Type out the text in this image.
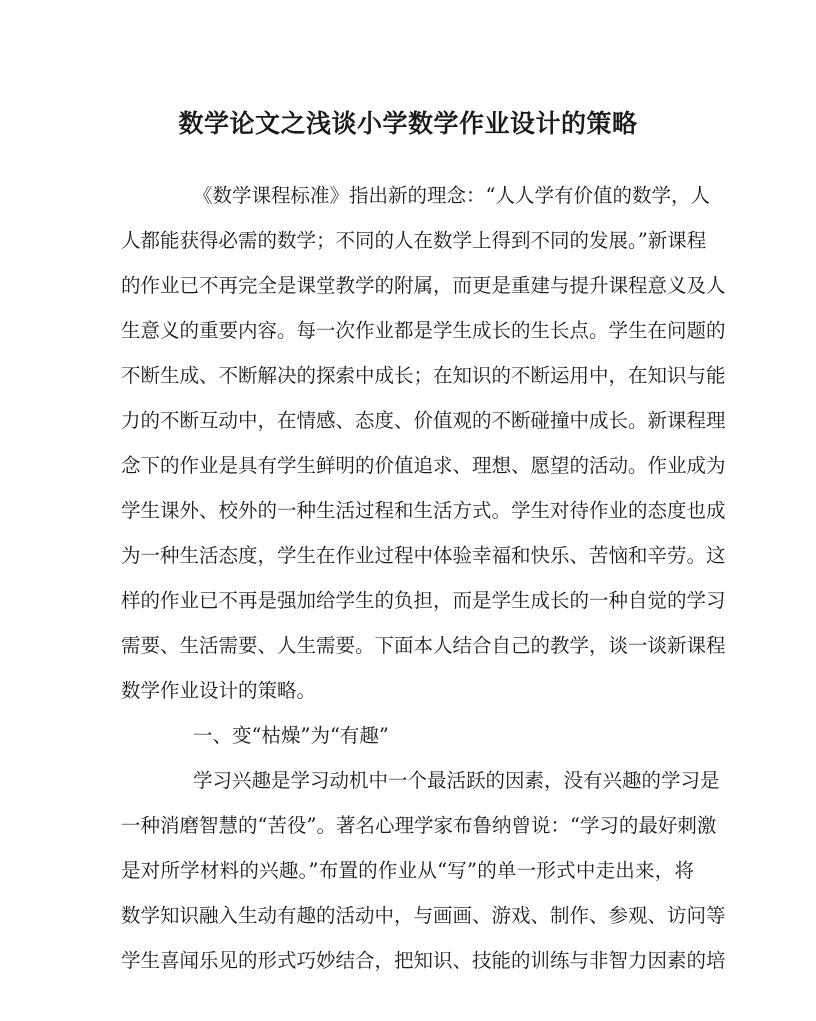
数学论文之浅谈小学数学作业设计的策略
《数学课程标准》指出新的理念：“人人学有价值的数学，人
人都能获得必需的数学；不同的人在数学上得到不同的发展。”新课程
的作业已不再完全是课堂教学的附属，而更是重建与提升课程意义及人
生意义的重要内容。每一次作业都是学生成长的生长点。学生在问题的
不断生成、不断解决的探索中成长；在知识的不断运用中，在知识与能
力的不断互动中，在情感、态度、价值观的不断碰撞中成长。新课程理
念下的作业是具有学生鲜明的价值追求、理想、愿望的活动。作业成为
学生课外、校外的一种生活过程和生活方式。学生对待作业的态度也成
为一种生活态度，学生在作业过程中体验幸福和快乐、苦恼和辛劳。这
样的作业已不再是强加给学生的负担，而是学生成长的一种自觉的学习
需要、生活需要、人生需要。下面本人结合自己的教学，谈一谈新课程
数学作业设计的策略。
一、变“枯燥”为“有趣”
学习兴趣是学习动机中一个最活跃的因素，没有兴趣的学习是
一种消磨智慧的“苦役”。著名心理学家布鲁纳曾说：“学习的最好刺激
是对所学材料的兴趣。”布置的作业从“写”的单一形式中走出来，将
数学知识融入生动有趣的活动中，与画画、游戏、制作、参观、访问等
学生喜闻乐见的形式巧妙结合，把知识、技能的训练与非智力因素的培
